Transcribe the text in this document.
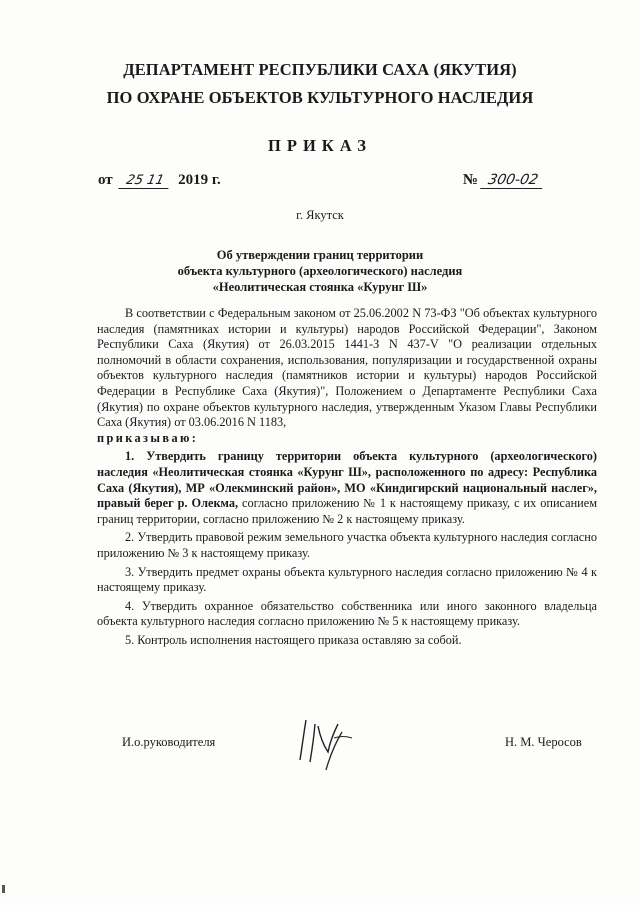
ДЕПАРТАМЕНТ РЕСПУБЛИКИ САХА (ЯКУТИЯ)
ПО ОХРАНЕ ОБЪЕКТОВ КУЛЬТУРНОГО НАСЛЕДИЯ
ПРИКАЗ
от 25 11 2019 г.	№ 300-02
г. Якутск
Об утверждении границ территории
объекта культурного (археологического) наследия
«Неолитическая стоянка «Курунг Ш»

В соответствии с Федеральным законом от 25.06.2002 N 73-ФЗ "Об объектах культурного наследия (памятниках истории и культуры) народов Российской Федерации", Законом Республики Саха (Якутия) от 26.03.2015 1441-З N 437-V "О реализации отдельных полномочий в области сохранения, использования, популяризации и государственной охраны объектов культурного наследия (памятников истории и культуры) народов Российской Федерации в Республике Саха (Якутия)", Положением о Департаменте Республики Саха (Якутия) по охране объектов культурного наследия, утвержденным Указом Главы Республики Саха (Якутия) от 03.06.2016 N 1183,

приказываю:

1. Утвердить границу территории объекта культурного (археологического) наследия «Неолитическая стоянка «Курунг Ш», расположенного по адресу: Республика Саха (Якутия), МР «Олекминский район», МО «Киндигирский национальный наслег», правый берег р. Олекма, согласно приложению № 1 к настоящему приказу, с их описанием границ территории, согласно приложению № 2 к настоящему приказу.

2. Утвердить правовой режим земельного участка объекта культурного наследия согласно приложению № 3 к настоящему приказу.

3. Утвердить предмет охраны объекта культурного наследия согласно приложению № 4 к настоящему приказу.

4. Утвердить охранное обязательство собственника или иного законного владельца объекта культурного наследия согласно приложению № 5 к настоящему приказу.

5. Контроль исполнения настоящего приказа оставляю за собой.

И.о.руководителя	Н. М. Черосов
